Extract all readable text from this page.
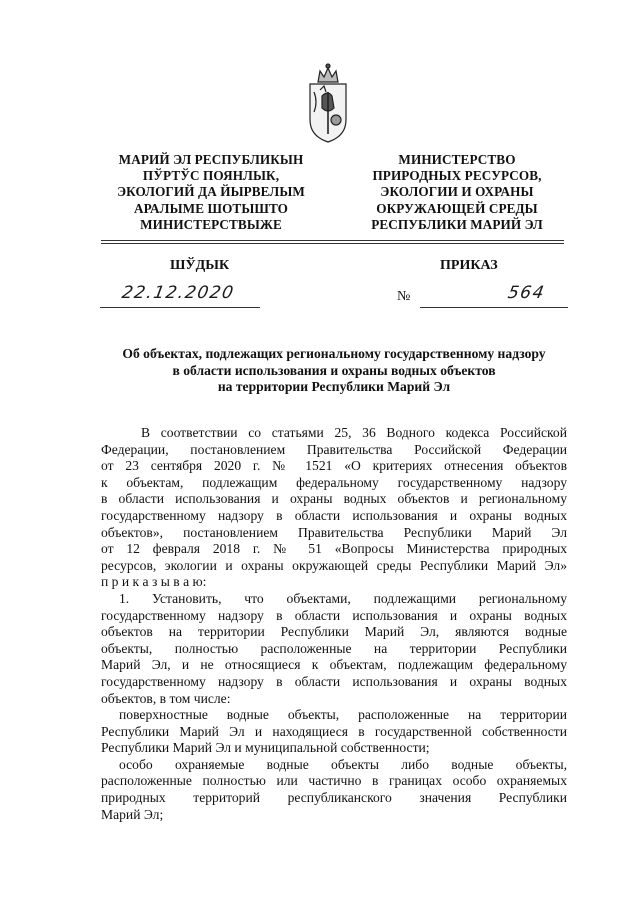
МАРИЙ ЭЛ РЕСПУБЛИКЫН
ПЎРТЎС ПОЯНЛЫК,
ЭКОЛОГИЙ ДА ЙЫРВЕЛЫМ
АРАЛЫМЕ ШОТЫШТО
МИНИСТЕРСТВЫЖЕ
МИНИСТЕРСТВО
ПРИРОДНЫХ РЕСУРСОВ,
ЭКОЛОГИИ И ОХРАНЫ
ОКРУЖАЮЩЕЙ СРЕДЫ
РЕСПУБЛИКИ МАРИЙ ЭЛ
ШЎДЫК	ПРИКАЗ
22.12.2020	№	564
Об объектах, подлежащих региональному государственному надзору
в области использования и охраны водных объектов
на территории Республики Марий Эл
В соответствии со статьями 25, 36 Водного кодекса Российской
Федерации, постановлением Правительства Российской Федерации
от 23 сентября 2020 г. № 1521 «О критериях отнесения объектов
к объектам, подлежащим федеральному государственному надзору
в области использования и охраны водных объектов и региональному
государственному надзору в области использования и охраны водных
объектов», постановлением Правительства Республики Марий Эл
от 12 февраля 2018 г. № 51 «Вопросы Министерства природных
ресурсов, экологии и охраны окружающей среды Республики Марий Эл»
п р и к а з ы в а ю:
1. Установить, что объектами, подлежащими региональному
государственному надзору в области использования и охраны водных
объектов на территории Республики Марий Эл, являются водные
объекты, полностью расположенные на территории Республики
Марий Эл, и не относящиеся к объектам, подлежащим федеральному
государственному надзору в области использования и охраны водных
объектов, в том числе:
поверхностные водные объекты, расположенные на территории
Республики Марий Эл и находящиеся в государственной собственности
Республики Марий Эл и муниципальной собственности;
особо охраняемые водные объекты либо водные объекты,
расположенные полностью или частично в границах особо охраняемых
природных территорий республиканского значения Республики
Марий Эл;
